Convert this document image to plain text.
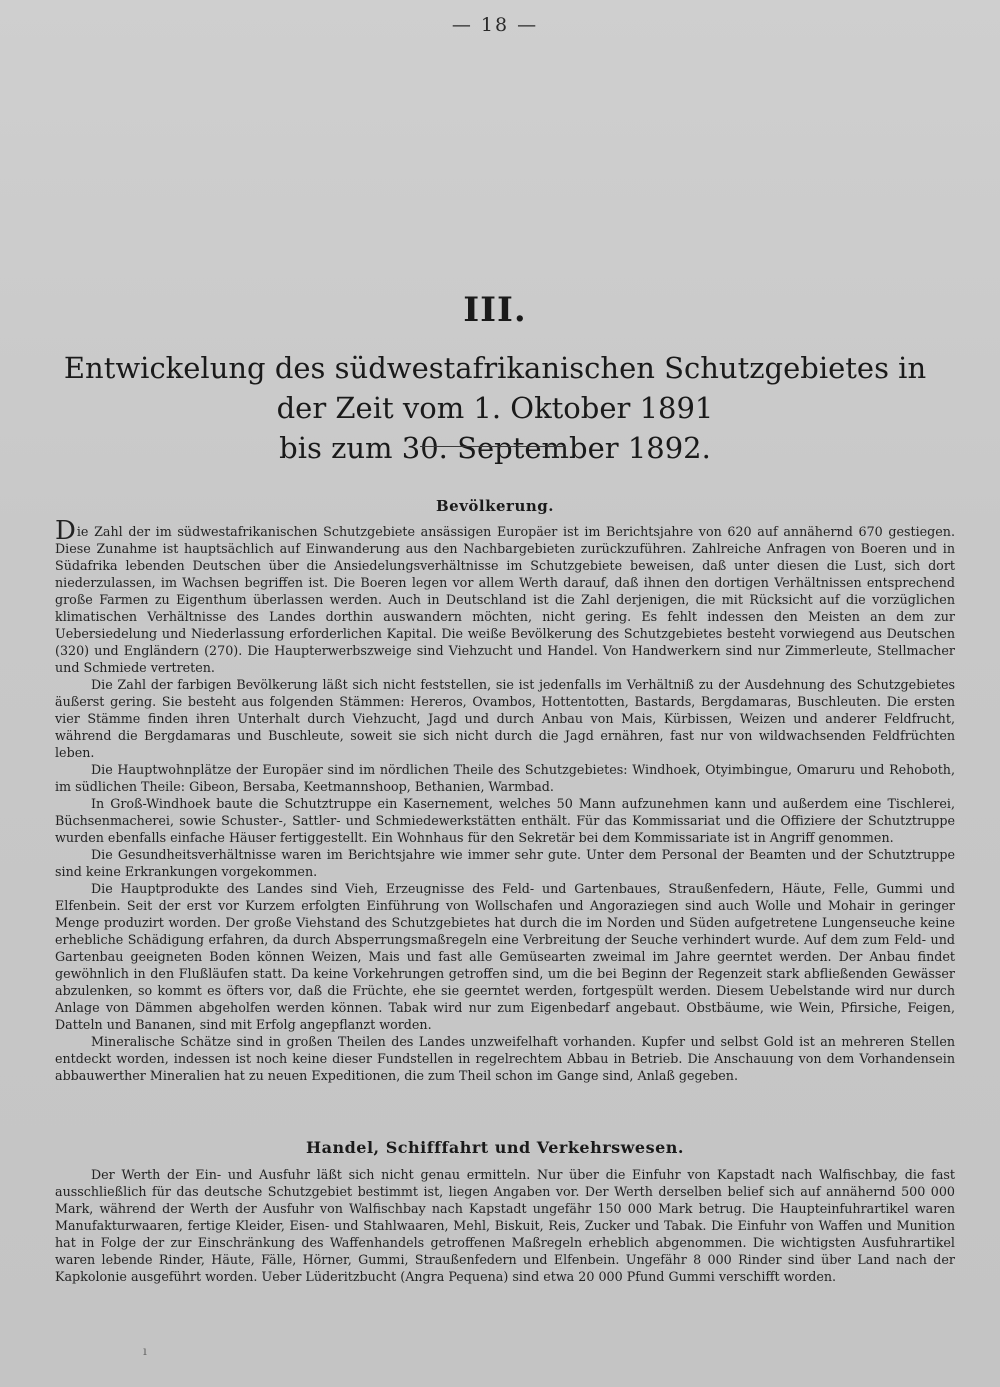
— 18 —
III.
Entwickelung des südwestafrikanischen Schutzgebietes in der Zeit vom 1. Oktober 1891
bis zum 30. September 1892.
Bevölkerung.

Die Zahl der im südwestafrikanischen Schutzgebiete ansässigen Europäer ist im Berichtsjahre von 620 auf annähernd 670 gestiegen. Diese Zunahme ist hauptsächlich auf Einwanderung aus den Nachbargebieten zurückzuführen. Zahlreiche Anfragen von Boeren und in Südafrika lebenden Deutschen über die Ansiedelungsverhältnisse im Schutzgebiete beweisen, daß unter diesen die Lust, sich dort niederzulassen, im Wachsen begriffen ist. Die Boeren legen vor allem Werth darauf, daß ihnen den dortigen Verhältnissen entsprechend große Farmen zu Eigenthum überlassen werden. Auch in Deutschland ist die Zahl derjenigen, die mit Rücksicht auf die vorzüglichen klimatischen Verhältnisse des Landes dorthin auswandern möchten, nicht gering. Es fehlt indessen den Meisten an dem zur Uebersiedelung und Niederlassung erforderlichen Kapital. Die weiße Bevölkerung des Schutzgebietes besteht vorwiegend aus Deutschen (320) und Engländern (270). Die Haupterwerbszweige sind Viehzucht und Handel. Von Handwerkern sind nur Zimmerleute, Stellmacher und Schmiede vertreten.

Die Zahl der farbigen Bevölkerung läßt sich nicht feststellen, sie ist jedenfalls im Verhältniß zu der Ausdehnung des Schutzgebietes äußerst gering. Sie besteht aus folgenden Stämmen: Hereros, Ovambos, Hottentotten, Bastards, Bergdamaras, Buschleuten. Die ersten vier Stämme finden ihren Unterhalt durch Viehzucht, Jagd und durch Anbau von Mais, Kürbissen, Weizen und anderer Feldfrucht, während die Bergdamaras und Buschleute, soweit sie sich nicht durch die Jagd ernähren, fast nur von wildwachsenden Feldfrüchten leben.

Die Hauptwohnplätze der Europäer sind im nördlichen Theile des Schutzgebietes: Windhoek, Otyimbingue, Omaruru und Rehoboth, im südlichen Theile: Gibeon, Bersaba, Keetmannshoop, Bethanien, Warmbad.

In Groß-Windhoek baute die Schutztruppe ein Kasernement, welches 50 Mann aufzunehmen kann und außerdem eine Tischlerei, Büchsenmacherei, sowie Schuster-, Sattler- und Schmiedewerkstätten enthält. Für das Kommissariat und die Offiziere der Schutztruppe wurden ebenfalls einfache Häuser fertiggestellt. Ein Wohnhaus für den Sekretär bei dem Kommissariate ist in Angriff genommen.

Die Gesundheitsverhältnisse waren im Berichtsjahre wie immer sehr gute. Unter dem Personal der Beamten und der Schutztruppe sind keine Erkrankungen vorgekommen.

Die Hauptprodukte des Landes sind Vieh, Erzeugnisse des Feld- und Gartenbaues, Straußenfedern, Häute, Felle, Gummi und Elfenbein. Seit der erst vor Kurzem erfolgten Einführung von Wollschafen und Angoraziegen sind auch Wolle und Mohair in geringer Menge produzirt worden. Der große Viehstand des Schutzgebietes hat durch die im Norden und Süden aufgetretene Lungenseuche keine erhebliche Schädigung erfahren, da durch Absperrungsmaßregeln eine Verbreitung der Seuche verhindert wurde. Auf dem zum Feld- und Gartenbau geeigneten Boden können Weizen, Mais und fast alle Gemüsearten zweimal im Jahre geerntet werden. Der Anbau findet gewöhnlich in den Flußläufen statt. Da keine Vorkehrungen getroffen sind, um die bei Beginn der Regenzeit stark abfließenden Gewässer abzulenken, so kommt es öfters vor, daß die Früchte, ehe sie geerntet werden, fortgespült werden. Diesem Uebelstande wird nur durch Anlage von Dämmen abgeholfen werden können. Tabak wird nur zum Eigenbedarf angebaut. Obstbäume, wie Wein, Pfirsiche, Feigen, Datteln und Bananen, sind mit Erfolg angepflanzt worden.

Mineralische Schätze sind in großen Theilen des Landes unzweifelhaft vorhanden. Kupfer und selbst Gold ist an mehreren Stellen entdeckt worden, indessen ist noch keine dieser Fundstellen in regelrechtem Abbau in Betrieb. Die Anschauung von dem Vorhandensein abbauwerther Mineralien hat zu neuen Expeditionen, die zum Theil schon im Gange sind, Anlaß gegeben.

Handel, Schifffahrt und Verkehrswesen.

Der Werth der Ein- und Ausfuhr läßt sich nicht genau ermitteln. Nur über die Einfuhr von Kapstadt nach Walfischbay, die fast ausschließlich für das deutsche Schutzgebiet bestimmt ist, liegen Angaben vor. Der Werth derselben belief sich auf annähernd 500 000 Mark, während der Werth der Ausfuhr von Walfischbay nach Kapstadt ungefähr 150 000 Mark betrug. Die Haupteinfuhrartikel waren Manufakturwaaren, fertige Kleider, Eisen- und Stahlwaaren, Mehl, Biskuit, Reis, Zucker und Tabak. Die Einfuhr von Waffen und Munition hat in Folge der zur Einschränkung des Waffenhandels getroffenen Maßregeln erheblich abgenommen. Die wichtigsten Ausfuhrartikel waren lebende Rinder, Häute, Fälle, Hörner, Gummi, Straußenfedern und Elfenbein. Ungefähr 8 000 Rinder sind über Land nach der Kapkolonie ausgeführt worden. Ueber Lüderitzbucht (Angra Pequena) sind etwa 20 000 Pfund Gummi verschifft worden.

ı
